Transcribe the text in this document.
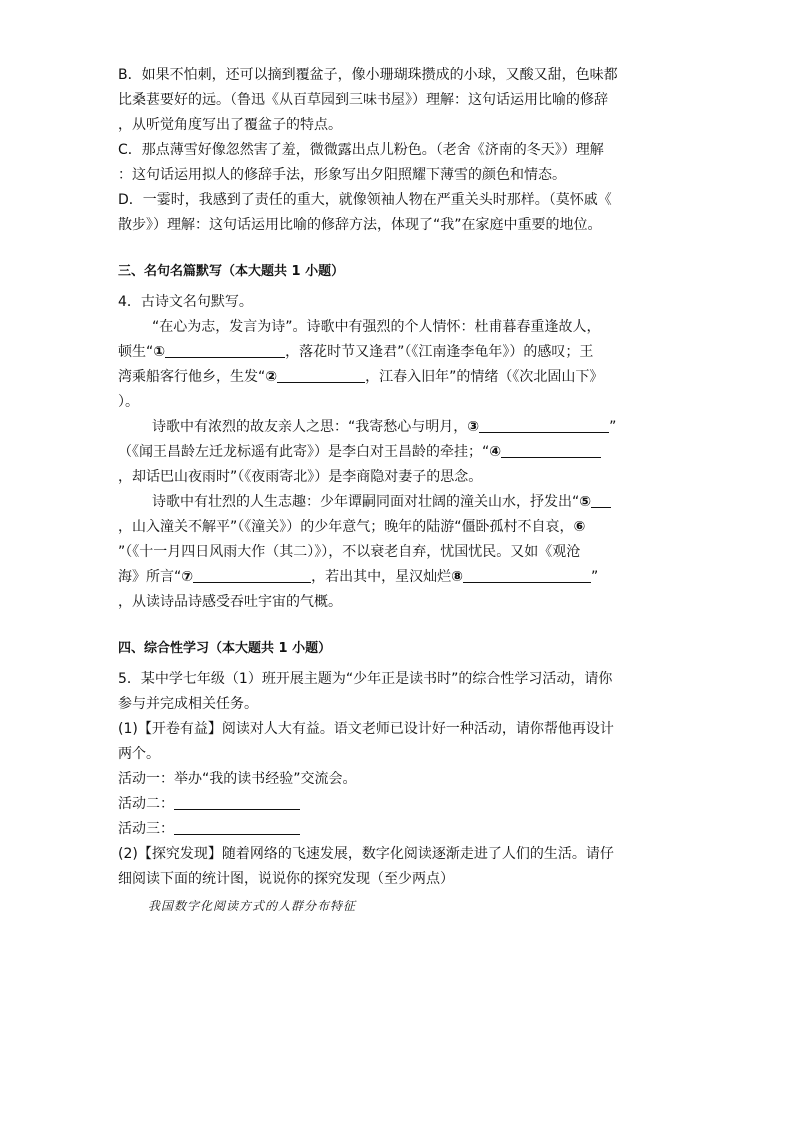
B．如果不怕刺，还可以摘到覆盆子，像小珊瑚珠攒成的小球，又酸又甜，色味都

比桑葚要好的远。（鲁迅《从百草园到三味书屋》）理解：这句话运用比喻的修辞

，从听觉角度写出了覆盆子的特点。

C．那点薄雪好像忽然害了羞，微微露出点儿粉色。（老舍《济南的冬天》）理解

：这句话运用拟人的修辞手法，形象写出夕阳照耀下薄雪的颜色和情态。

D．一霎时，我感到了责任的重大，就像领袖人物在严重关头时那样。（莫怀戚《

散步》）理解：这句话运用比喻的修辞方法，体现了“我”在家庭中重要的地位。

三、名句名篇默写（本大题共 1 小题）

4．古诗文名句默写。

“在心为志，发言为诗”。诗歌中有强烈的个人情怀：杜甫暮春重逢故人，

顿生“①	，落花时节又逢君”（《江南逢李龟年》）的感叹；王

湾乘船客行他乡，生发“②	，江春入旧年”的情绪（《次北固山下》

）。

诗歌中有浓烈的故友亲人之思：“我寄愁心与明月，③	”

（《闻王昌龄左迁龙标遥有此寄》）是李白对王昌龄的牵挂；“④

，却话巴山夜雨时”（《夜雨寄北》）是李商隐对妻子的思念。

诗歌中有壮烈的人生志趣：少年谭嗣同面对壮阔的潼关山水，抒发出“⑤

，山入潼关不解平”（《潼关》）的少年意气；晚年的陆游“僵卧孤村不自哀，⑥

”（《十一月四日风雨大作（其二）》），不以衰老自弃，忧国忧民。又如《观沧

海》所言“⑦	，若出其中，星汉灿烂⑧	”

，从读诗品诗感受吞吐宇宙的气概。

四、综合性学习（本大题共 1 小题）

5．某中学七年级（1）班开展主题为“少年正是读书时”的综合性学习活动，请你

参与并完成相关任务。

(1)【开卷有益】阅读对人大有益。语文老师已设计好一种活动，请你帮他再设计

两个。

活动一：举办“我的读书经验”交流会。

活动二：

活动三：

(2)【探究发现】随着网络的飞速发展，数字化阅读逐渐走进了人们的生活。请仔

细阅读下面的统计图，说说你的探究发现（至少两点）

我国数字化阅读方式的人群分布特征
